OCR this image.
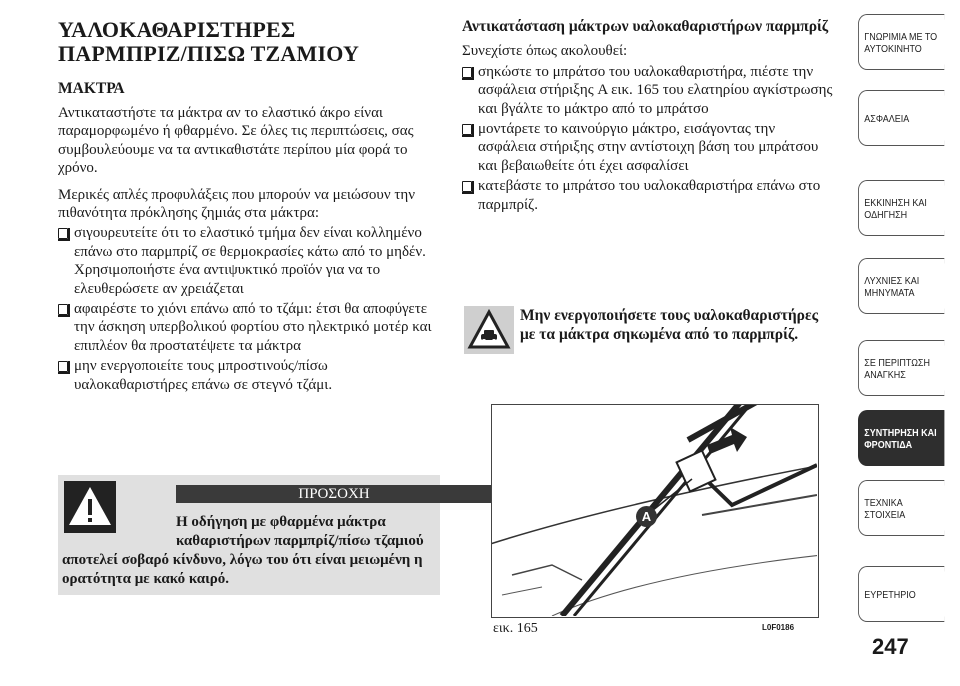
ΥΑΛΟΚΑΘΑΡΙΣΤΗΡΕΣ
ΠΑΡΜΠΡΙΖ/ΠΙΣΩ ΤΖΑΜΙΟΥ
ΜΑΚΤΡΑ

Αντικαταστήστε τα μάκτρα αν το ελαστικό άκρο είναι παραμορφωμένο ή φθαρμένο. Σε όλες τις περιπτώσεις, σας συμβουλεύουμε να τα αντικαθιστάτε περίπου μία φορά το χρόνο.

Μερικές απλές προφυλάξεις που μπορούν να μειώσουν την πιθανότητα πρόκλησης ζημιάς στα μάκτρα:

σιγουρευτείτε ότι το ελαστικό τμήμα δεν είναι κολλημένο επάνω στο παρμπρίζ σε θερμοκρασίες κάτω από το μηδέν. Χρησιμοποιήστε ένα αντιψυκτικό προϊόν για να το ελευθερώσετε αν χρειάζεται
αφαιρέστε το χιόνι επάνω από το τζάμι: έτσι θα αποφύγετε την άσκηση υπερβολικού φορτίου στο ηλεκτρικό μοτέρ και επιπλέον θα προστατέψετε τα μάκτρα
μην ενεργοποιείτε τους μπροστινούς/πίσω υαλοκαθαριστήρες επάνω σε στεγνό τζάμι.
ΠΡΟΣΟΧΗ
Η οδήγηση με φθαρμένα μάκτρα
καθαριστήρων παρμπρίζ/πίσω τζαμιού
αποτελεί σοβαρό κίνδυνο, λόγω του ότι είναι μειωμένη η ορατότητα με κακό καιρό.
Αντικατάσταση μάκτρων υαλοκαθαριστήρων παρμπρίζ

Συνεχίστε όπως ακολουθεί:

σηκώστε το μπράτσο του υαλοκαθαριστήρα, πιέστε την ασφάλεια στήριξης A εικ. 165 του ελατηρίου αγκίστρωσης και βγάλτε το μάκτρο από το μπράτσο
μοντάρετε το καινούργιο μάκτρο, εισάγοντας την ασφάλεια στήριξης στην αντίστοιχη βάση του μπράτσου και βεβαιωθείτε ότι έχει ασφαλίσει
κατεβάστε το μπράτσο του υαλοκαθαριστήρα επάνω στο παρμπρίζ.
Μην ενεργοποιήσετε τους υαλοκαθαριστήρες με τα μάκτρα σηκωμένα από το παρμπρίζ.
A
εικ. 165	L0F0186
247
ΓΝΩΡΙΜΙΑ ΜΕ ΤΟ ΑΥΤΟΚΙΝΗΤΟ
ΑΣΦΑΛΕΙΑ
ΕΚΚΙΝΗΣΗ ΚΑΙ ΟΔΗΓΗΣΗ
ΛΥΧΝΙΕΣ ΚΑΙ ΜΗΝΥΜΑΤΑ
ΣΕ ΠΕΡΙΠΤΩΣΗ ΑΝΑΓΚΗΣ
ΣΥΝΤΗΡΗΣΗ ΚΑΙ ΦΡΟΝΤΙΔΑ
ΤΕΧΝΙΚΑ ΣΤΟΙΧΕΙΑ
ΕΥΡΕΤΗΡΙΟ
